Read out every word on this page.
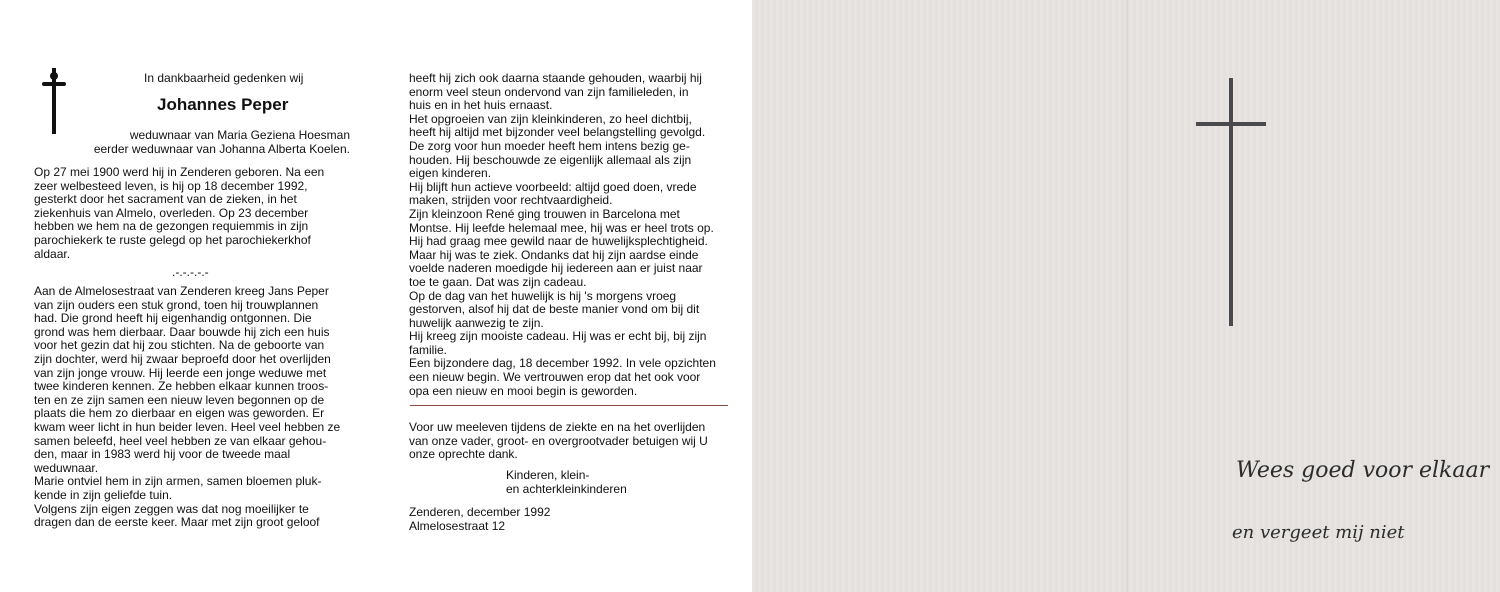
In dankbaarheid gedenken wij
Johannes Peper
weduwnaar van Maria Geziena Hoesman
eerder weduwnaar van Johanna Alberta Koelen.

Op 27 mei 1900 werd hij in Zenderen geboren. Na een

zeer welbesteed leven, is hij op 18 december 1992,

gesterkt door het sacrament van de zieken, in het

ziekenhuis van Almelo, overleden. Op 23 december

hebben we hem na de gezongen requiemmis in zijn

parochiekerk te ruste gelegd op het parochiekerkhof

aldaar.

.-.-.-.-.-

Aan de Almelosestraat van Zenderen kreeg Jans Peper

van zijn ouders een stuk grond, toen hij trouwplannen

had. Die grond heeft hij eigenhandig ontgonnen. Die

grond was hem dierbaar. Daar bouwde hij zich een huis

voor het gezin dat hij zou stichten. Na de geboorte van

zijn dochter, werd hij zwaar beproefd door het overlijden

van zijn jonge vrouw. Hij leerde een jonge weduwe met

twee kinderen kennen. Ze hebben elkaar kunnen troos-

ten en ze zijn samen een nieuw leven begonnen op de

plaats die hem zo dierbaar en eigen was geworden. Er

kwam weer licht in hun beider leven. Heel veel hebben ze

samen beleefd, heel veel hebben ze van elkaar gehou-

den, maar in 1983 werd hij voor de tweede maal

weduwnaar.

Marie ontviel hem in zijn armen, samen bloemen pluk-

kende in zijn geliefde tuin.

Volgens zijn eigen zeggen was dat nog moeilijker te

dragen dan de eerste keer. Maar met zijn groot geloof

heeft hij zich ook daarna staande gehouden, waarbij hij

enorm veel steun ondervond van zijn familieleden, in

huis en in het huis ernaast.

Het opgroeien van zijn kleinkinderen, zo heel dichtbij,

heeft hij altijd met bijzonder veel belangstelling gevolgd.

De zorg voor hun moeder heeft hem intens bezig ge-

houden. Hij beschouwde ze eigenlijk allemaal als zijn

eigen kinderen.

Hij blijft hun actieve voorbeeld: altijd goed doen, vrede

maken, strijden voor rechtvaardigheid.

Zijn kleinzoon René ging trouwen in Barcelona met

Montse. Hij leefde helemaal mee, hij was er heel trots op.

Hij had graag mee gewild naar de huwelijksplechtigheid.

Maar hij was te ziek. Ondanks dat hij zijn aardse einde

voelde naderen moedigde hij iedereen aan er juist naar

toe te gaan. Dat was zijn cadeau.

Op de dag van het huwelijk is hij 's morgens vroeg

gestorven, alsof hij dat de beste manier vond om bij dit

huwelijk aanwezig te zijn.

Hij kreeg zijn mooiste cadeau. Hij was er echt bij, bij zijn

familie.

Een bijzondere dag, 18 december 1992. In vele opzichten

een nieuw begin. We vertrouwen erop dat het ook voor

opa een nieuw en mooi begin is geworden.

Voor uw meeleven tijdens de ziekte en na het overlijden

van onze vader, groot- en overgrootvader betuigen wij U

onze oprechte dank.

Kinderen, klein-

en achterkleinkinderen

Zenderen, december 1992

Almelosestraat 12

Wees goed voor elkaar
en vergeet mij niet
